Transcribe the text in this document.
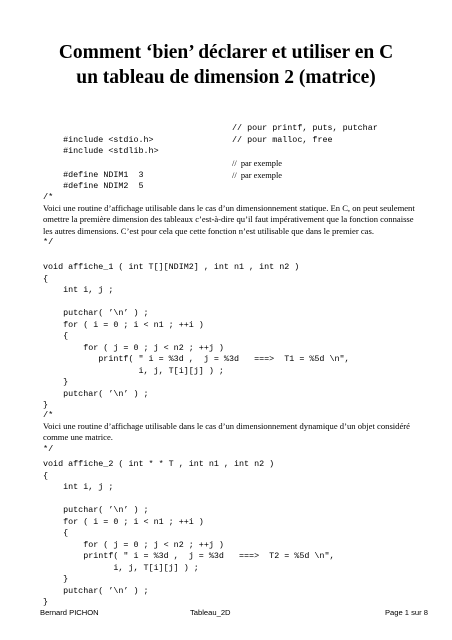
Comment ‘bien’ déclarer et utiliser en C
un tableau de dimension 2 (matrice)

#include <stdio.h>

// pour printf, puts, putchar

#include <stdlib.h>

// pour malloc, free

#define NDIM1  3

//  par exemple

#define NDIM2  5

//  par exemple

/*
Voici une routine d’affichage utilisable dans le cas d’un dimensionnement statique. En C, on peut seulement omettre la première dimension des tableaux c’est-à-dire qu’il faut impérativement que la fonction connaisse les autres dimensions. C’est pour cela que cette fonction n’est utilisable que dans le premier cas.
*/
void affiche_1 ( int T[][NDIM2] , int n1 , int n2 )
{
int i, j ;

putchar( ’\n’ ) ;
for ( i = 0 ; i < n1 ; ++i )
{
for ( j = 0 ; j < n2 ; ++j )
printf( " i = %3d ,  j = %3d   ===>  T1 = %5d \n",
i, j, T[i][j] ) ;
}
putchar( ’\n’ ) ;
}
/*
Voici une routine d’affichage utilisable dans le cas d’un dimensionnement dynamique d’un objet considéré comme une matrice.
*/
void affiche_2 ( int * * T , int n1 , int n2 )
{
int i, j ;

putchar( ’\n’ ) ;
for ( i = 0 ; i < n1 ; ++i )
{
for ( j = 0 ; j < n2 ; ++j )
printf( " i = %3d ,  j = %3d   ===>  T2 = %5d \n",
i, j, T[i][j] ) ;
}
putchar( ’\n’ ) ;
}
Bernard PICHON	Tableau_2D	Page 1 sur 8
